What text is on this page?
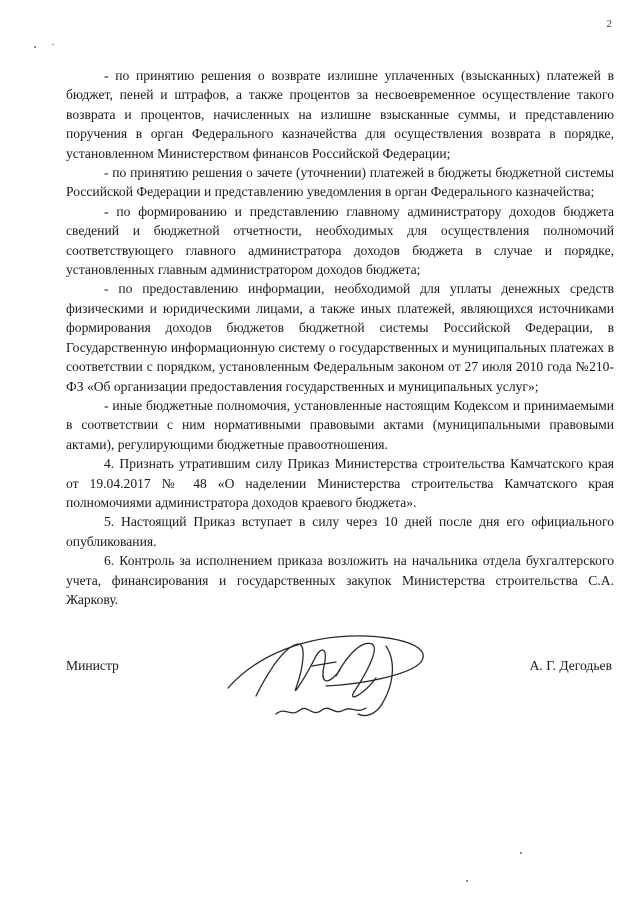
2

- по принятию решения о возврате излишне уплаченных (взысканных) платежей в бюджет, пеней и штрафов, а также процентов за несвоевременное осуществление такого возврата и процентов, начисленных на излишне взысканные суммы, и представлению поручения в орган Федерального казначейства для осуществления возврата в порядке, установленном Министерством финансов Российской Федерации;

- по принятию решения о зачете (уточнении) платежей в бюджеты бюджетной системы Российской Федерации и представлению уведомления в орган Федерального казначейства;

- по формированию и представлению главному администратору доходов бюджета сведений и бюджетной отчетности, необходимых для осуществления полномочий соответствующего главного администратора доходов бюджета в случае и порядке, установленных главным администратором доходов бюджета;

- по предоставлению информации, необходимой для уплаты денежных средств физическими и юридическими лицами, а также иных платежей, являющихся источниками формирования доходов бюджетов бюджетной системы Российской Федерации, в Государственную информационную систему о государственных и муниципальных платежах в соответствии с порядком, установленным Федеральным законом от 27 июля 2010 года №210-ФЗ «Об организации предоставления государственных и муниципальных услуг»;

- иные бюджетные полномочия, установленные настоящим Кодексом и принимаемыми в соответствии с ним нормативными правовыми актами (муниципальными правовыми актами), регулирующими бюджетные правоотношения.

4. Признать утратившим силу Приказ Министерства строительства Камчатского края от 19.04.2017 № 48 «О наделении Министерства строительства Камчатского края полномочиями администратора доходов краевого бюджета».

5. Настоящий Приказ вступает в силу через 10 дней после дня его официального опубликования.

6. Контроль за исполнением приказа возложить на начальника отдела бухгалтерского учета, финансирования и государственных закупок Министерства строительства С.А. Жаркову.

Министр	А. Г. Дегодьев
